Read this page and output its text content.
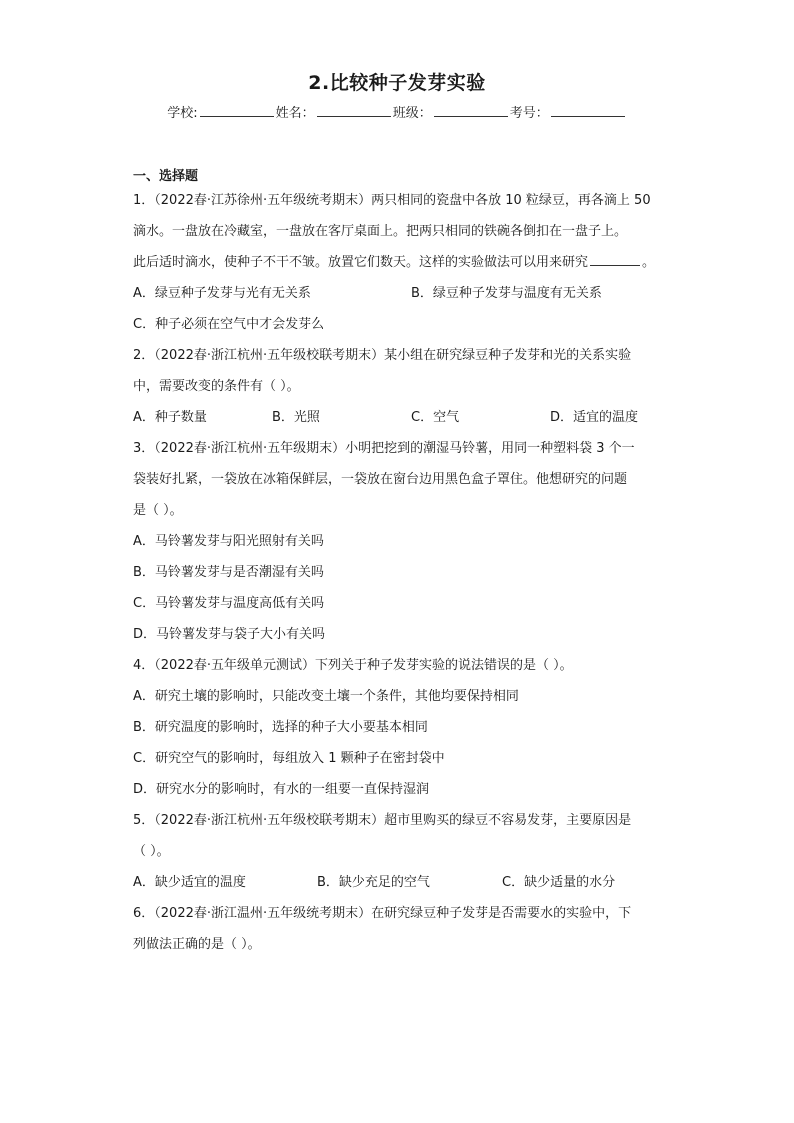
2.比较种子发芽实验
学校:	姓名：	班级：	考号：
一、选择题
1．（2022春·江苏徐州·五年级统考期末）两只相同的瓷盘中各放 10 粒绿豆，再各滴上 50
滴水。一盘放在冷藏室，一盘放在客厅桌面上。把两只相同的铁碗各倒扣在一盘子上。
此后适时滴水，使种子不干不皱。放置它们数天。这样的实验做法可以用来研究	。
A．绿豆种子发芽与光有无关系	B．绿豆种子发芽与温度有无关系
C．种子必须在空气中才会发芽么
2．（2022春·浙江杭州·五年级校联考期末）某小组在研究绿豆种子发芽和光的关系实验
中，需要改变的条件有（ ）。
A．种子数量	B．光照	C．空气	D．适宜的温度
3．（2022春·浙江杭州·五年级期末）小明把挖到的潮湿马铃薯，用同一种塑料袋 3 个一
袋装好扎紧，一袋放在冰箱保鲜层，一袋放在窗台边用黑色盒子罩住。他想研究的问题
是（ ）。
A．马铃薯发芽与阳光照射有关吗
B．马铃薯发芽与是否潮湿有关吗
C．马铃薯发芽与温度高低有关吗
D．马铃薯发芽与袋子大小有关吗
4．（2022春·五年级单元测试）下列关于种子发芽实验的说法错误的是（ ）。
A．研究土壤的影响时，只能改变土壤一个条件，其他均要保持相同
B．研究温度的影响时，选择的种子大小要基本相同
C．研究空气的影响时，每组放入 1 颗种子在密封袋中
D．研究水分的影响时，有水的一组要一直保持湿润
5．（2022春·浙江杭州·五年级校联考期末）超市里购买的绿豆不容易发芽，主要原因是
（ ）。
A．缺少适宜的温度	B．缺少充足的空气	C．缺少适量的水分
6．（2022春·浙江温州·五年级统考期末）在研究绿豆种子发芽是否需要水的实验中，下
列做法正确的是（ ）。
